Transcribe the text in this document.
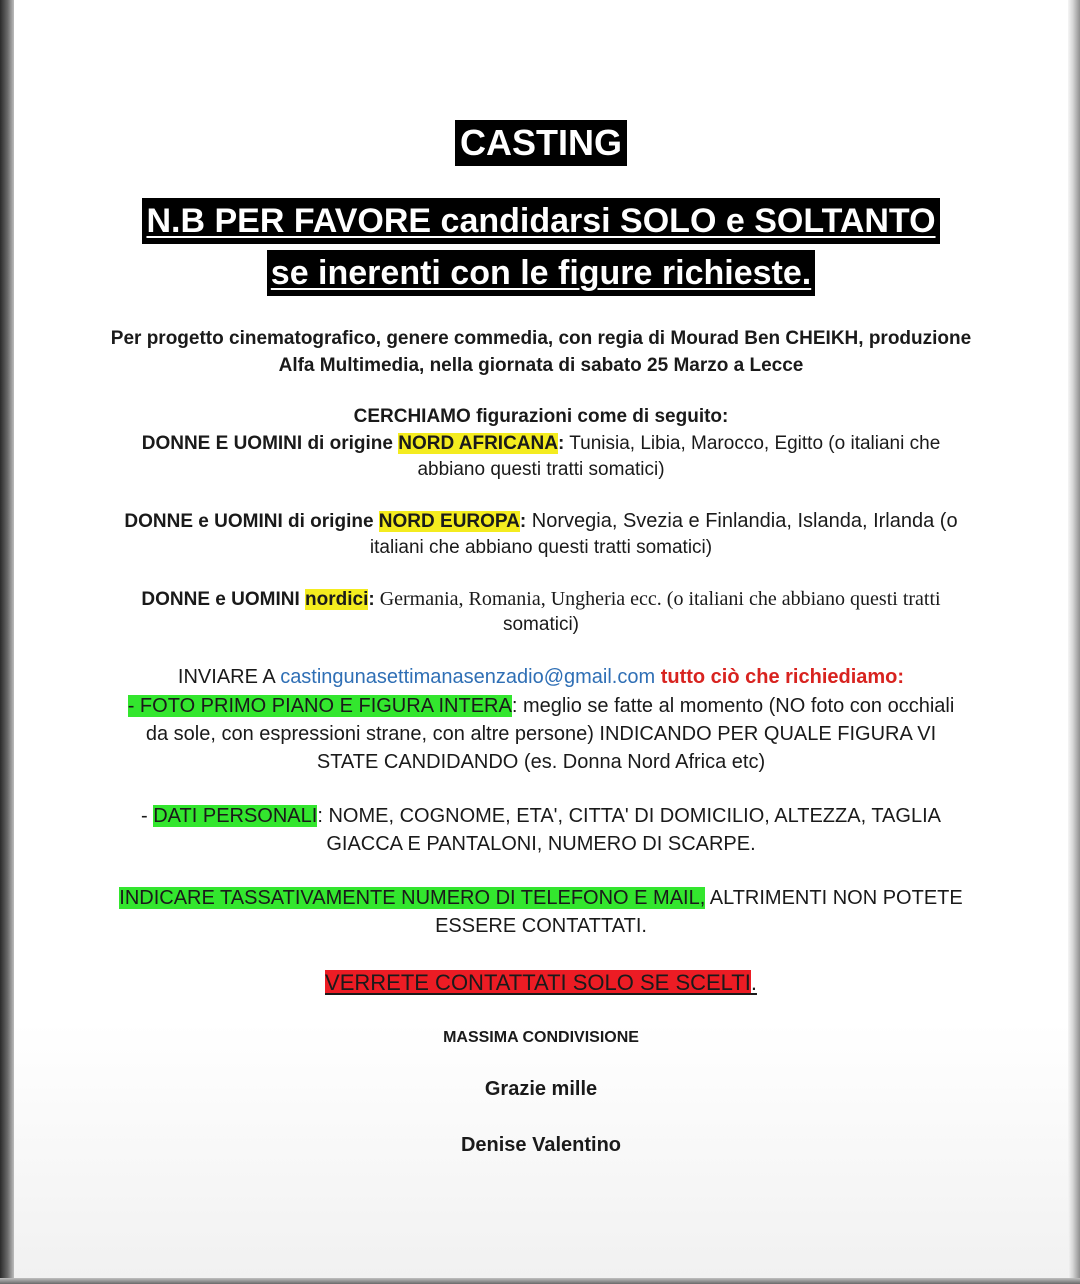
CASTING
N.B PER FAVORE candidarsi SOLO e SOLTANTO
se inerenti con le figure richieste.
Per progetto cinematografico, genere commedia, con regia di Mourad Ben CHEIKH, produzione
Alfa Multimedia, nella giornata di sabato 25 Marzo a Lecce
CERCHIAMO figurazioni come di seguito:
DONNE E UOMINI di origine NORD AFRICANA: Tunisia, Libia, Marocco, Egitto (o italiani che
abbiano questi tratti somatici)
DONNE e UOMINI di origine NORD EUROPA: Norvegia, Svezia e Finlandia, Islanda, Irlanda (o
italiani che abbiano questi tratti somatici)
DONNE e UOMINI nordici: Germania, Romania, Ungheria ecc. (o italiani che abbiano questi tratti
somatici)
INVIARE A castingunasettimanasenzadio@gmail.com tutto ciò che richiediamo:
- FOTO PRIMO PIANO E FIGURA INTERA: meglio se fatte al momento (NO foto con occhiali
da sole, con espressioni strane, con altre persone) INDICANDO PER QUALE FIGURA VI
STATE CANDIDANDO (es. Donna Nord Africa etc)
- DATI PERSONALI: NOME, COGNOME, ETA', CITTA' DI DOMICILIO, ALTEZZA, TAGLIA
GIACCA E PANTALONI, NUMERO DI SCARPE.
INDICARE TASSATIVAMENTE NUMERO DI TELEFONO E MAIL, ALTRIMENTI NON POTETE
ESSERE CONTATTATI.
VERRETE CONTATTATI SOLO SE SCELTI.
MASSIMA CONDIVISIONE
Grazie mille
Denise Valentino
